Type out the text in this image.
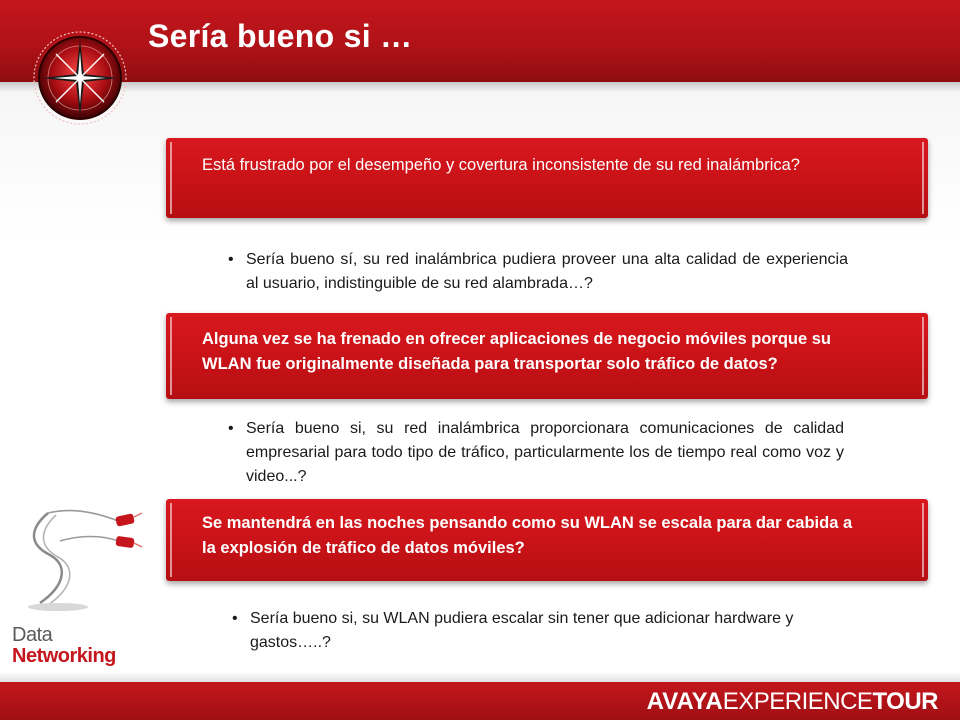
Sería bueno si …
Está frustrado por el desempeño y covertura inconsistente de su red inalámbrica?
• Sería bueno sí, su red inalámbrica pudiera proveer una alta calidad de experiencia al usuario, indistinguible de su red alambrada…?
Alguna vez se ha frenado en ofrecer aplicaciones de negocio móviles porque su WLAN fue originalmente diseñada para transportar solo tráfico de datos?
• Sería bueno si, su red inalámbrica proporcionara comunicaciones de calidad empresarial para todo tipo de tráfico, particularmente los de tiempo real como voz y video...?
Se mantendrá en las noches pensando como su WLAN se escala para dar cabida a la explosión de tráfico de datos móviles?
• Sería bueno si, su WLAN pudiera escalar sin tener que adicionar hardware y gastos…..?
Data
Networking
AVAYAEXPERIENCETOUR
